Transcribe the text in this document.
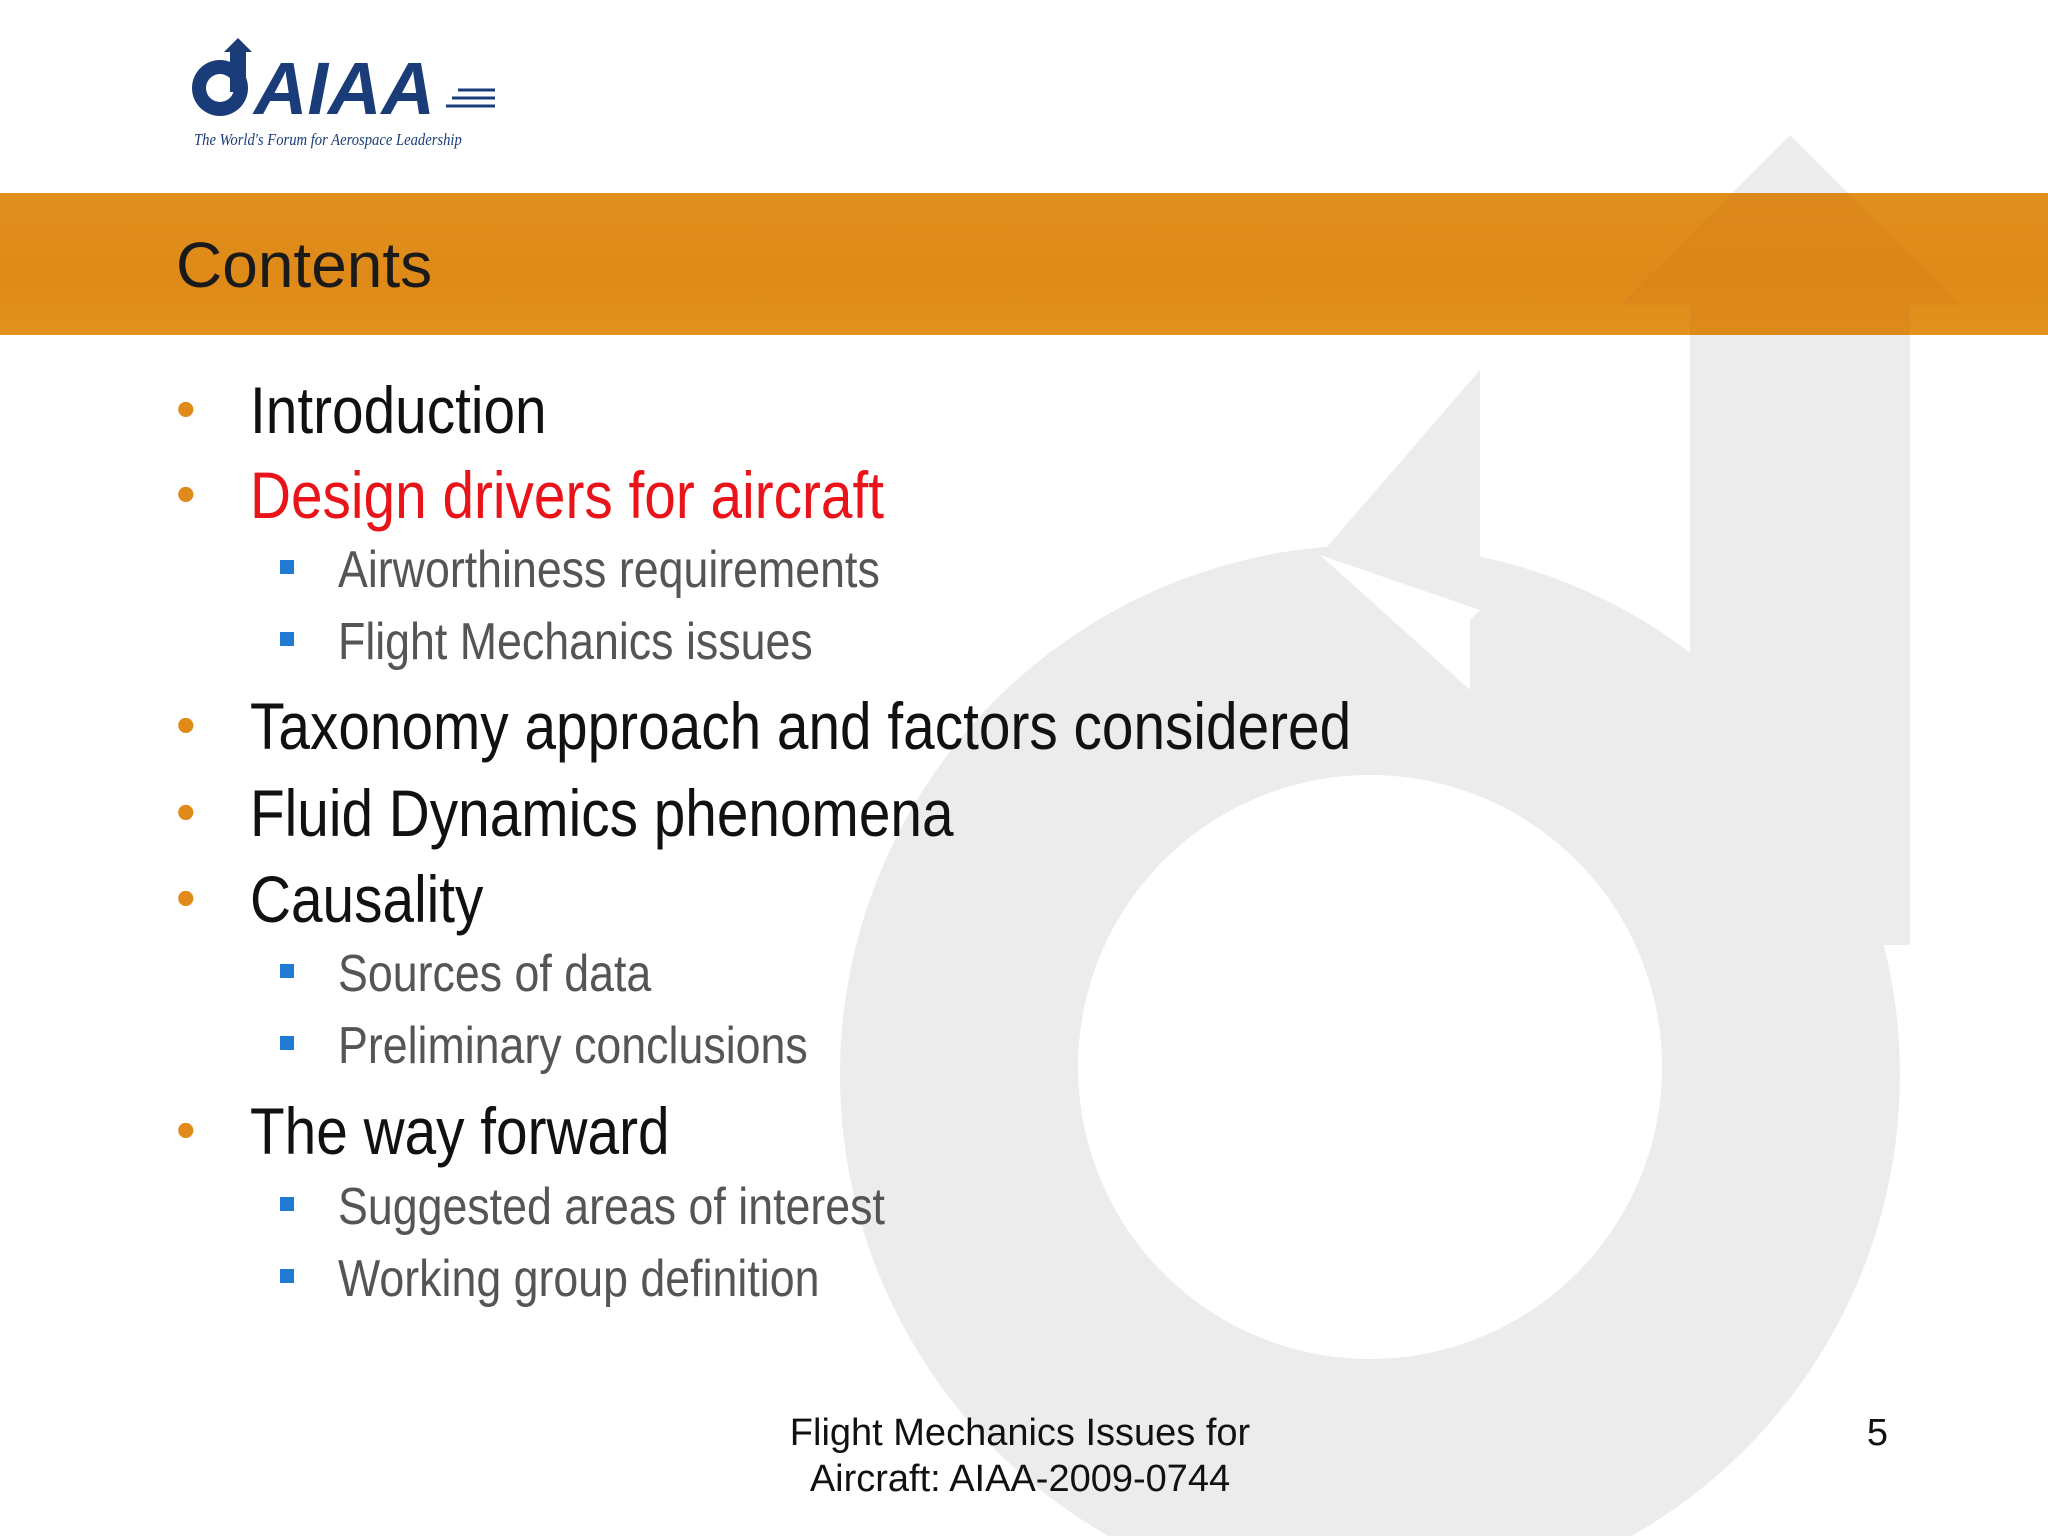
AIAA
The World's Forum for Aerospace Leadership
Contents
• Introduction
• Design drivers for aircraft
Airworthiness requirements
Flight Mechanics issues
• Taxonomy approach and factors considered
• Fluid Dynamics phenomena
• Causality
Sources of data
Preliminary conclusions
• The way forward
Suggested areas of interest
Working group definition
Flight Mechanics Issues for
Aircraft: AIAA-2009-0744
5
